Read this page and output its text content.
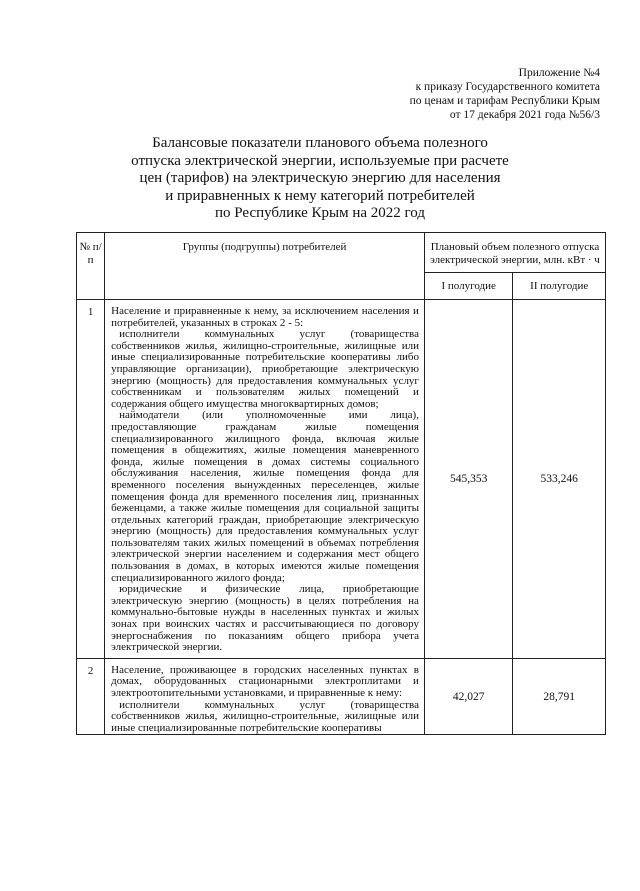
Приложение №4
к приказу Государственного комитета
по ценам и тарифам Республики Крым
от 17 декабря 2021 года №56/3
Балансовые показатели планового объема полезного
отпуска электрической энергии, используемые при расчете
цен (тарифов) на электрическую энергию для населения
и приравненных к нему категорий потребителей
по Республике Крым на 2022 год
№ п/п	Группы (подгруппы) потребителей	Плановый объем полезного отпуска электрической энергии, млн. кВт · ч	
		I полугодие	II полугодие
1	Население и приравненные к нему, за исключением населения и потребителей, указанных в строках 2 - 5:

исполнители коммунальных услуг (товарищества собственников жилья, жилищно-строительные, жилищные или иные специализированные потребительские кооперативы либо управляющие организации), приобретающие электрическую энергию (мощность) для предоставления коммунальных услуг собственникам и пользователям жилых помещений и содержания общего имущества многоквартирных домов;

наймодатели (или уполномоченные ими лица), предоставляющие гражданам жилые помещения специализированного жилищного фонда, включая жилые помещения в общежитиях, жилые помещения маневренного фонда, жилые помещения в домах системы социального обслуживания населения, жилые помещения фонда для временного поселения вынужденных переселенцев, жилые помещения фонда для временного поселения лиц, признанных беженцами, а также жилые помещения для социальной защиты отдельных категорий граждан, приобретающие электрическую энергию (мощность) для предоставления коммунальных услуг пользователям таких жилых помещений в объемах потребления электрической энергии населением и содержания мест общего пользования в домах, в которых имеются жилые помещения специализированного жилого фонда;

юридические и физические лица, приобретающие электрическую энергию (мощность) в целях потребления на коммунально-бытовые нужды в населенных пунктах и жилых зонах при воинских частях и рассчитывающиеся по договору энергоснабжения по показаниям общего прибора учета электрической энергии.	545,353	533,246
2	Население, проживающее в городских населенных пунктах в домах, оборудованных стационарными электроплитами и электроотопительными установками, и приравненные к нему:

исполнители коммунальных услуг (товарищества собственников жилья, жилищно-строительные, жилищные или иные специализированные потребительские кооперативы	42,027	28,791
